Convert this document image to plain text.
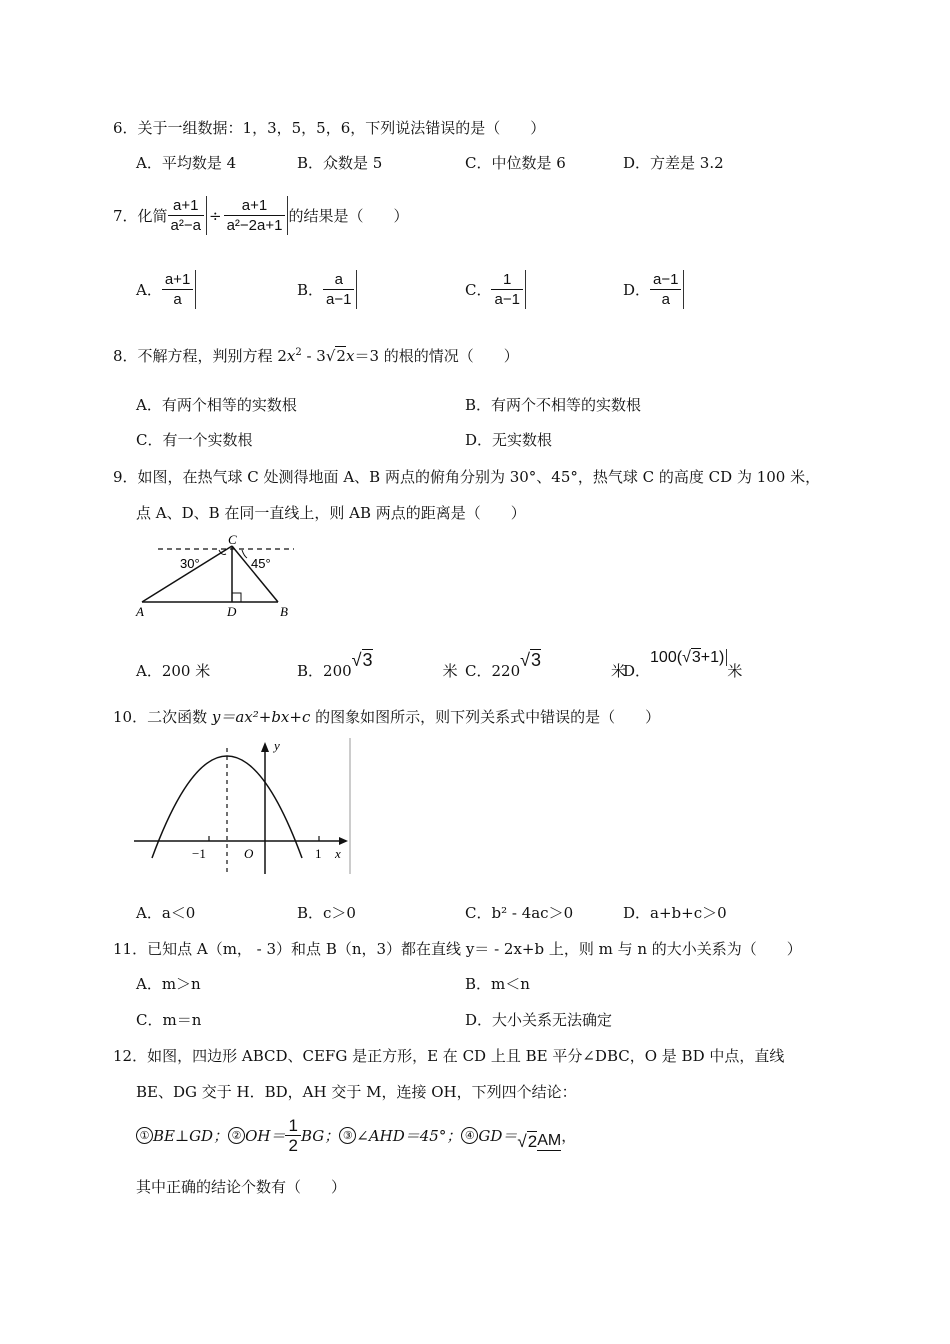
6．关于一组数据：1，3，5，5，6，下列说法错误的是（　　）
A．平均数是 4	B．众数是 5	C．中位数是 6	D．方差是 3.2
7．化简 $\frac{a+1}{\text{a²−a}} \div \frac{a+1}{\text{a²−2a+1}}$ 的结果是（　　）
A． $\frac{a+1}{a}$	B． $\frac{a}{a-1}$	C． $\frac{1}{a-1}$	D． $\frac{a-1}{a}$
8．不解方程，判别方程 $2x^2 - 3√2x=3$ 的根的情况（　　）
A．有两个相等的实数根	B．有两个不相等的实数根
C．有一个实数根	D．无实数根
9．如图，在热气球 C 处测得地面 A、B 两点的俯角分别为 30°、45°，热气球 C 的高度 CD 为 100 米，
点 A、D、B 在同一直线上，则 AB 两点的距离是（　　）
C
30°	45°
A	D	B
A．200 米	B．200√3米 C．220√3米
D．100(√3+1)米
10．二次函数 y＝ax²+bx+c 的图象如图所示，则下列关系式中错误的是（　　）
y
x
O
−1	1
A．a＜0	B．c＞0	C．b² - 4ac＞0	D．a+b+c＞0
11．已知点 A（m， - 3）和点 B（n，3）都在直线 y＝ - 2x+b 上，则 m 与 n 的大小关系为（　　）
A．m＞n	B．m＜n
C．m＝n	D．大小关系无法确定
12．如图，四边形 ABCD、CEFG 是正方形，E 在 CD 上且 BE 平分∠DBC，O 是 BD 中点，直线
BE、DG 交于 H．BD，AH 交于 M，连接 OH，下列四个结论：
① BE⊥GD； ② $OH= \frac{1}{2}$ BG； ③ ∠AHD＝45°； ④ GD＝ √2 AM ，
其中正确的结论个数有（　　）
